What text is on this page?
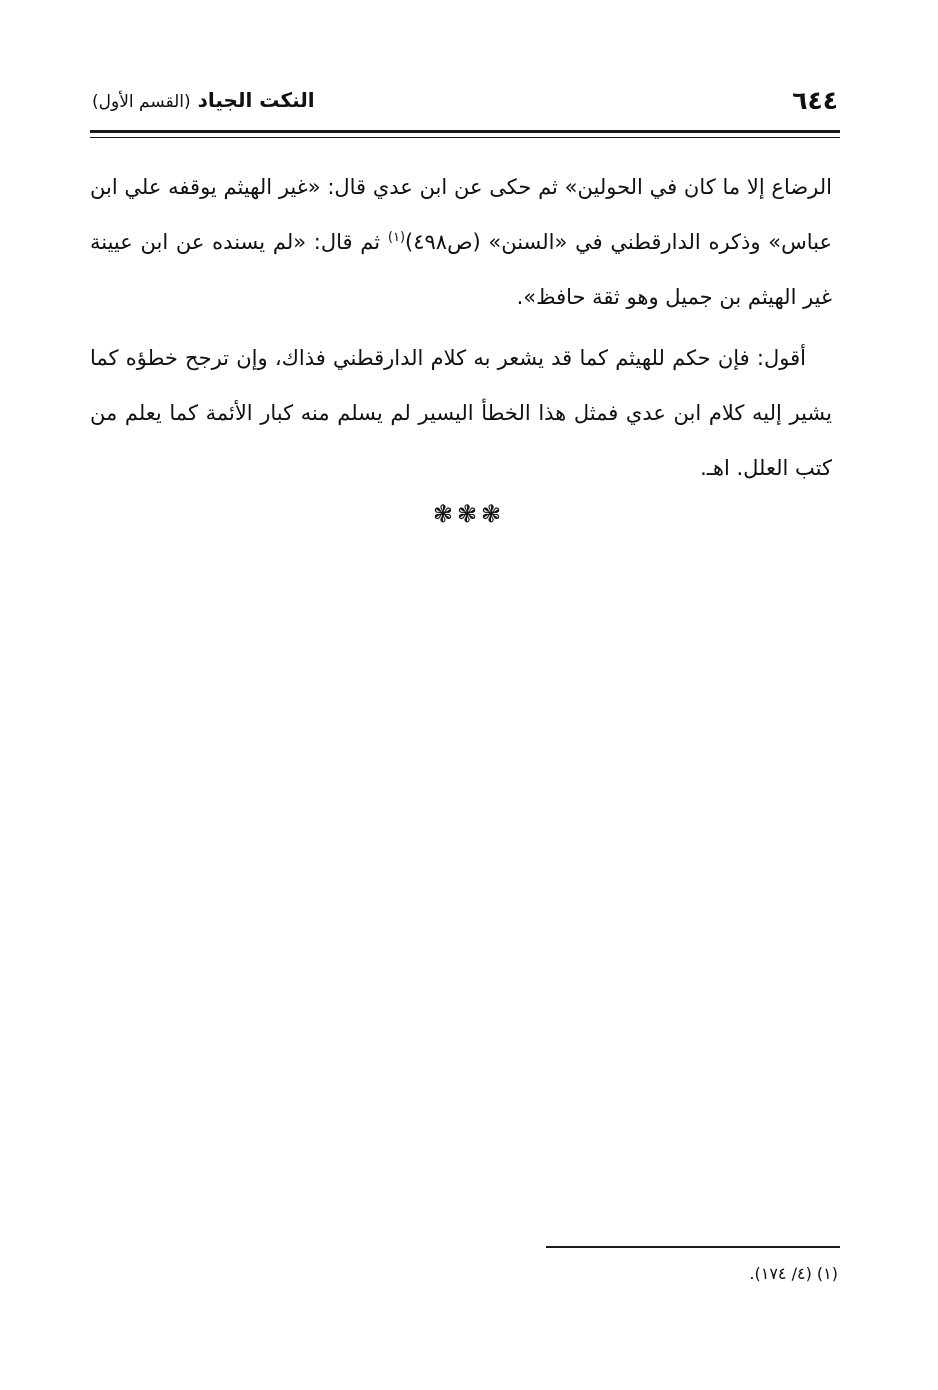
٦٤٤
النكت الجياد (القسم الأول)

الرضاع إلا ما كان في الحولين» ثم حكى عن ابن عدي قال: «غير الهيثم يوقفه علي ابن عباس» وذكره الدارقطني في «السنن» (ص٤٩٨)$^{(١)}$ ثم قال: «لم يسنده عن ابن عيينة غير الهيثم بن جميل وهو ثقة حافظ».

أقول: فإن حكم للهيثم كما قد يشعر به كلام الدارقطني فذاك، وإن ترجح خطؤه كما يشير إليه كلام ابن عدي فمثل هذا الخطأ اليسير لم يسلم منه كبار الأئمة كما يعلم من كتب العلل. اهـ.

❃❃❃
(١) (٤/ ١٧٤).
